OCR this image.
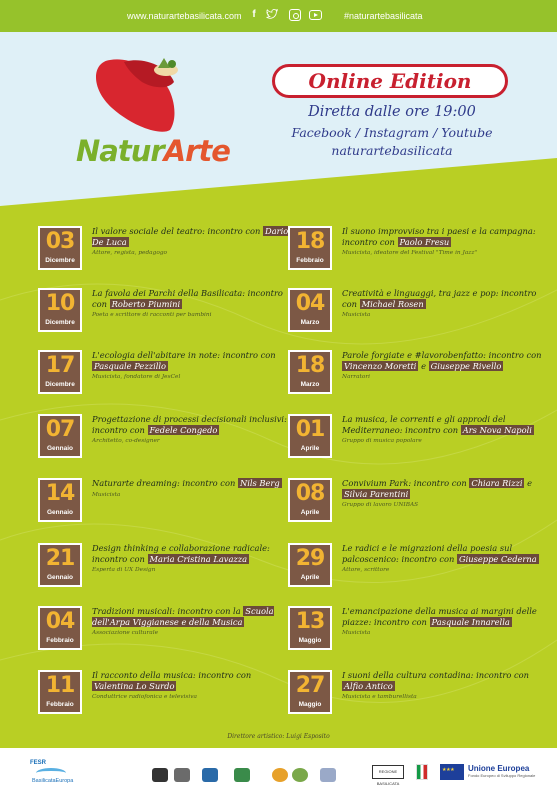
www.naturartebasilicata.com	f	#naturartebasilicata
NaturArte
Online Edition
Diretta dalle ore 19:00
Facebook / Instagram / Youtube
naturartebasilicata
03
Dicembre
Il valore sociale del teatro: incontro con Dario De Luca
Attore, regista, pedagogo
10
Dicembre
La favola dei Parchi della Basilicata: incontro con Roberto Piumini
Poeta e scrittore di racconti per bambini
17
Dicembre
L'ecologia dell'abitare in note: incontro con Pasquale Pezzillo
Musicista, fondatore di JesCel
07
Gennaio
Progettazione di processi decisionali inclusivi: incontro con Fedele Congedo
Architetto, co-designer
14
Gennaio
Naturarte dreaming: incontro con Nils Berg
Musicista
21
Gennaio
Design thinking e collaborazione radicale: incontro con Maria Cristina Lavazza
Esperta di UX Design
04
Febbraio
Tradizioni musicali: incontro con la Scuola dell'Arpa Viggianese e della Musica
Associazione culturale
11
Febbraio
Il racconto della musica: incontro con Valentina Lo Surdo
Conduttrice radiofonica e televisiva
18
Febbraio
Il suono improvviso tra i paesi e la campagna: incontro con Paolo Fresu
Musicista, ideatore del Festival "Time in Jazz"
04
Marzo
Creatività e linguaggi, tra jazz e pop: incontro con Michael Rosen
Musicista
18
Marzo
Parole forgiate e #lavorobenfatto: incontro con Vincenzo Moretti e Giuseppe Rivello
Narratori
01
Aprile
La musica, le correnti e gli approdi del Mediterraneo: incontro con Ars Nova Napoli
Gruppo di musica popolare
08
Aprile
Convivium Park: incontro con Chiara Rizzi e Silvia Parentini
Gruppo di lavoro UNIBAS
29
Aprile
Le radici e le migrazioni della poesia sul palcoscenico: incontro con Giuseppe Cederna
Attore, scrittore
13
Maggio
L'emancipazione della musica ai margini delle piazze: incontro con Pasquale Innarella
Musicista
27
Maggio
I suoni della cultura contadina: incontro con Alfio Antico
Musicista e tamburellista
Direttore artistico: Luigi Esposito
FESR
BasilicataEuropa
REGIONE BASILICATA
★ ★ ★
Unione Europea
Fondo Europeo di Sviluppo Regionale
